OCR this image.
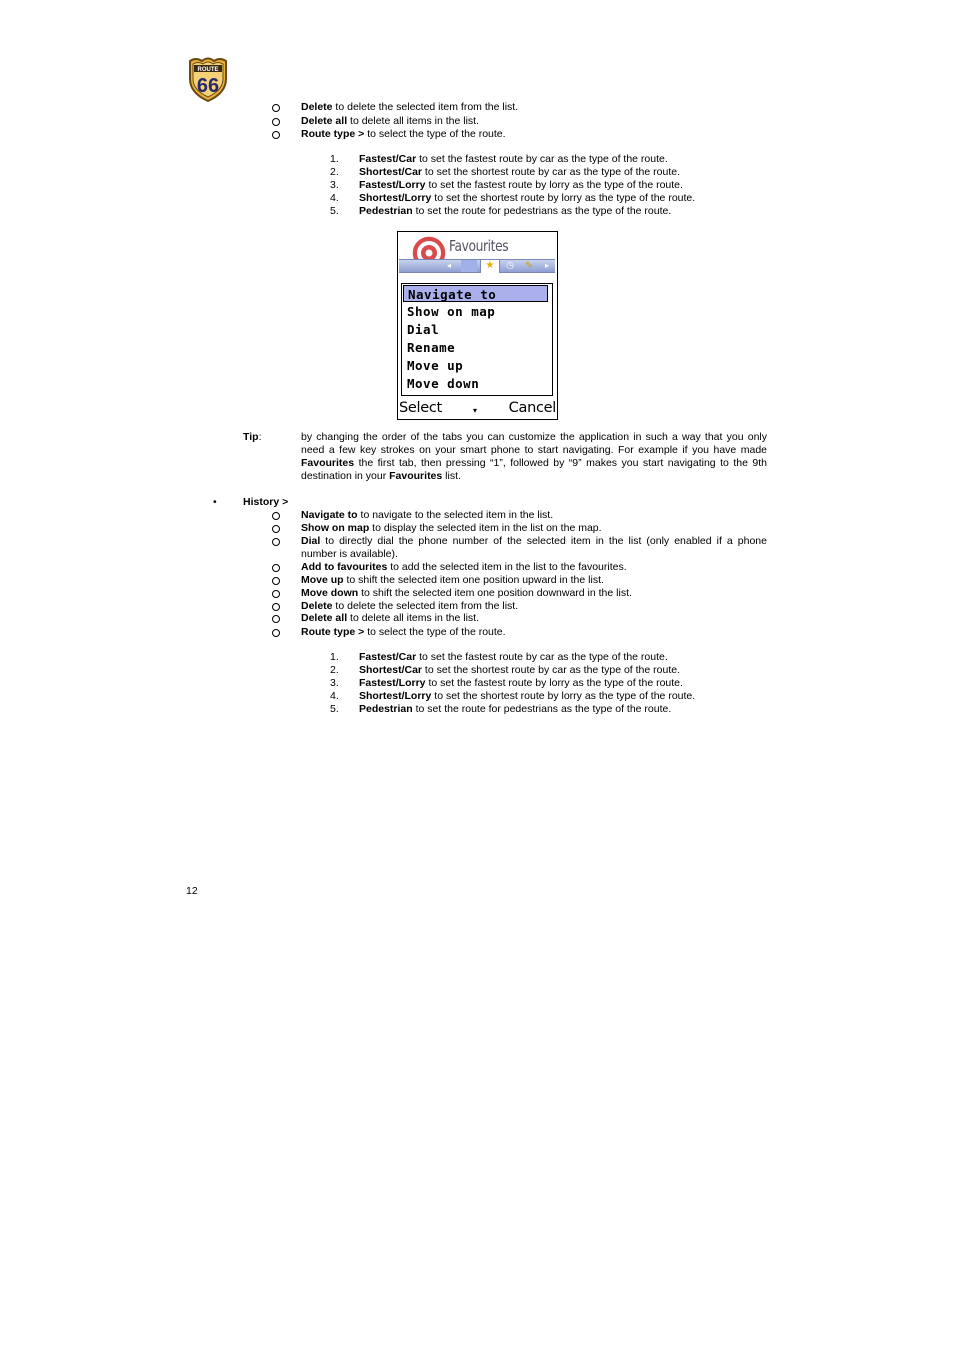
ROUTE
66
Delete to delete the selected item from the list.
Delete all to delete all items in the list.
Route type > to select the type of the route.
1.	Fastest/Car to set the fastest route by car as the type of the route.
2.	Shortest/Car to set the shortest route by car as the type of the route.
3.	Fastest/Lorry to set the fastest route by lorry as the type of the route.
4.	Shortest/Lorry to set the shortest route by lorry as the type of the route.
5.	Pedestrian to set the route for pedestrians as the type of the route.
Favourites
◂	★	◷	✎	▸
Navigate to
Show on map
Dial
Rename
Move up
Move down
Select	▾ Cancel
Tip:	by changing the order of the tabs you can customize the application in such a way that you only need a few key strokes on your smart phone to start navigating. For example if you have made Favourites the first tab, then pressing “1”, followed by “9” makes you start navigating to the 9th destination in your Favourites list.
•	History >
Navigate to to navigate to the selected item in the list.
Show on map to display the selected item in the list on the map.
Dial to directly dial the phone number of the selected item in the list (only enabled if a phone
number is available).
Add to favourites to add the selected item in the list to the favourites.
Move up to shift the selected item one position upward in the list.
Move down to shift the selected item one position downward in the list.
Delete to delete the selected item from the list.
Delete all to delete all items in the list.
Route type > to select the type of the route.
1.	Fastest/Car to set the fastest route by car as the type of the route.
2.	Shortest/Car to set the shortest route by car as the type of the route.
3.	Fastest/Lorry to set the fastest route by lorry as the type of the route.
4.	Shortest/Lorry to set the shortest route by lorry as the type of the route.
5.	Pedestrian to set the route for pedestrians as the type of the route.
12
